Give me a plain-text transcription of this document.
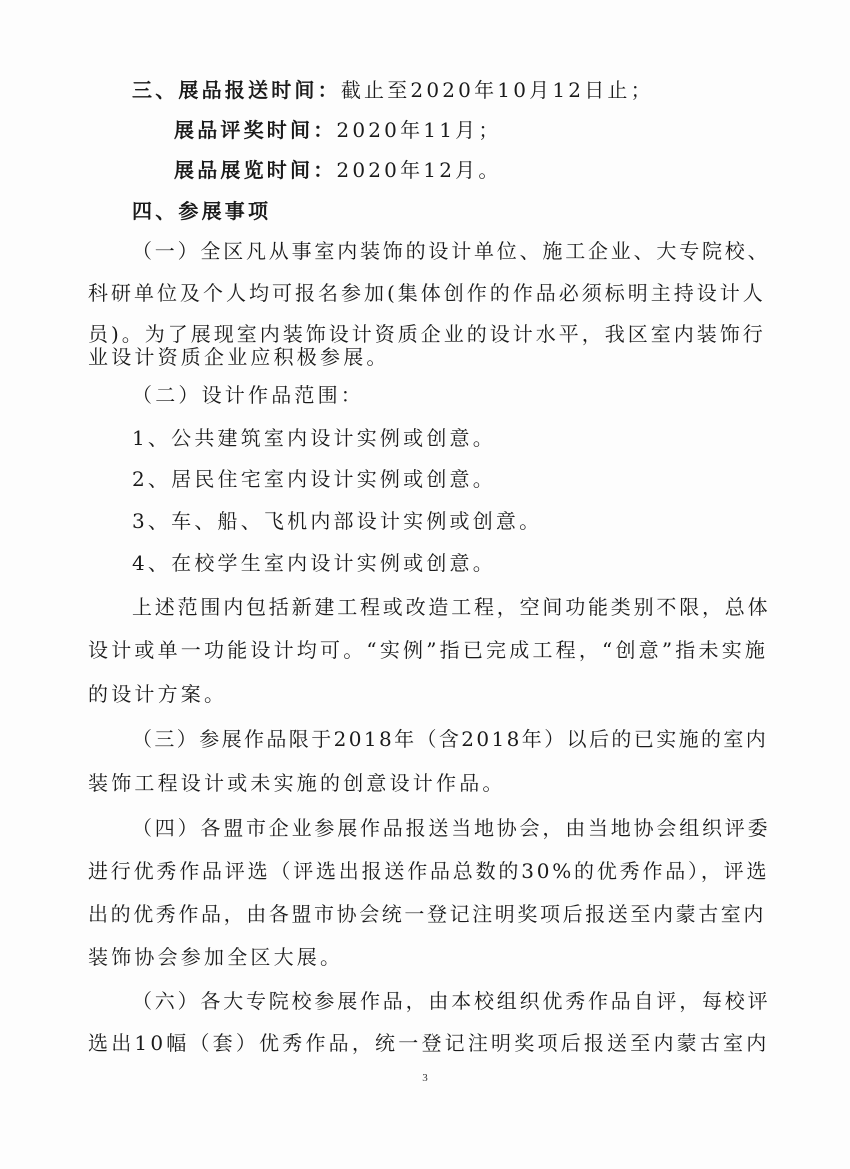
三、展品报送时间：截止至2020年10月12日止；
展品评奖时间：2020年11月；
展品展览时间：2020年12月。
四、参展事项
（一）全区凡从事室内装饰的设计单位、施工企业、大专院校、
科研单位及个人均可报名参加(集体创作的作品必须标明主持设计人
员)。为了展现室内装饰设计资质企业的设计水平，我区室内装饰行
业设计资质企业应积极参展。
（二）设计作品范围：
1、公共建筑室内设计实例或创意。
2、居民住宅室内设计实例或创意。
3、车、船、飞机内部设计实例或创意。
4、在校学生室内设计实例或创意。
上述范围内包括新建工程或改造工程，空间功能类别不限，总体
设计或单一功能设计均可。“实例”指已完成工程，“创意”指未实施
的设计方案。
（三）参展作品限于2018年（含2018年）以后的已实施的室内
装饰工程设计或未实施的创意设计作品。
（四）各盟市企业参展作品报送当地协会，由当地协会组织评委
进行优秀作品评选（评选出报送作品总数的30%的优秀作品），评选
出的优秀作品，由各盟市协会统一登记注明奖项后报送至内蒙古室内
装饰协会参加全区大展。
（六）各大专院校参展作品，由本校组织优秀作品自评，每校评
选出10幅（套）优秀作品，统一登记注明奖项后报送至内蒙古室内
3
